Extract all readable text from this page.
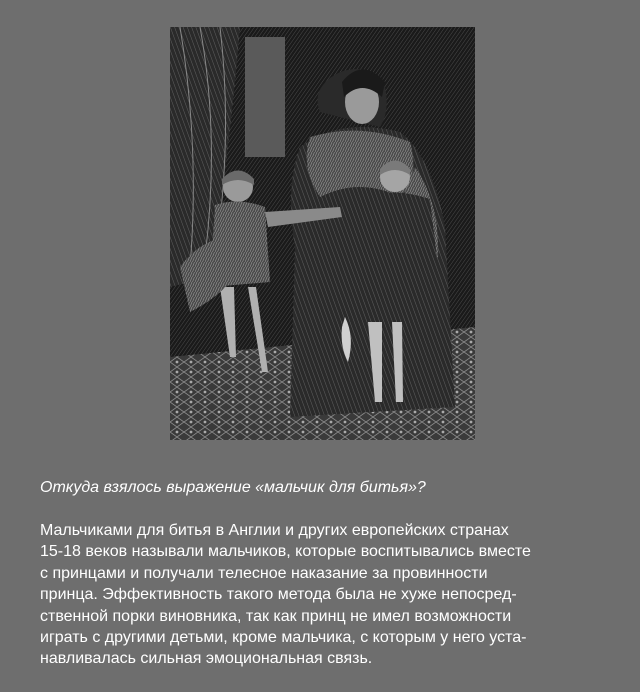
Откуда взялось выражение «мальчик для битья»?
Мальчиками для битья в Англии и других европейских странах
15-18 веков называли мальчиков, которые воспитывались вместе
с принцами и получали телесное наказание за провинности
принца. Эффективность такого метода была не хуже непосред-
ственной порки виновника, так как принц не имел возможности
играть с другими детьми, кроме мальчика, с которым у него уста-
навливалась сильная эмоциональная связь.
